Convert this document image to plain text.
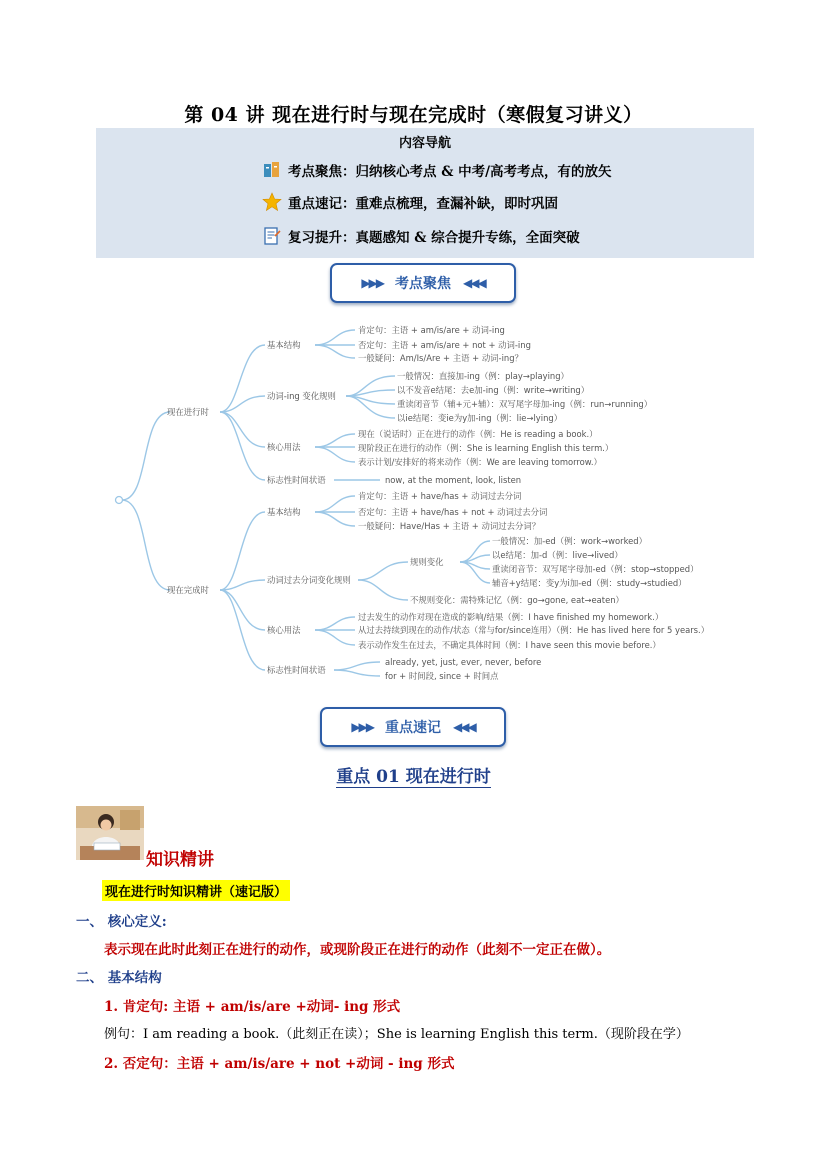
第 04 讲 现在进行时与现在完成时（寒假复习讲义）
内容导航
考点聚焦：归纳核心考点 & 中考/高考考点，有的放矢
重点速记：重难点梳理，查漏补缺，即时巩固
复习提升：真题感知 & 综合提升专练，全面突破
▶▶▶ 考点聚焦 ◀◀◀
现在进行时
现在完成时
基本结构
动词-ing 变化规则
核心用法
标志性时间状语
肯定句：主语 + am/is/are + 动词-ing
否定句：主语 + am/is/are + not + 动词-ing
一般疑问：Am/Is/Are + 主语 + 动词-ing？
一般情况：直接加-ing（例：play→playing）
以不发音e结尾：去e加-ing（例：write→writing）
重读闭音节（辅+元+辅）：双写尾字母加-ing（例：run→running）
以ie结尾：变ie为y加-ing（例：lie→lying）
现在（说话时）正在进行的动作（例：He is reading a book.）
现阶段正在进行的动作（例：She is learning English this term.）
表示计划/安排好的将来动作（例：We are leaving tomorrow.）
now, at the moment, look, listen
基本结构
动词过去分词变化规则
核心用法
标志性时间状语
肯定句：主语 + have/has + 动词过去分词
否定句：主语 + have/has + not + 动词过去分词
一般疑问：Have/Has + 主语 + 动词过去分词？
规则变化
一般情况：加-ed（例：work→worked）
以e结尾：加-d（例：live→lived）
重读闭音节：双写尾字母加-ed（例：stop→stopped）
辅音+y结尾：变y为i加-ed（例：study→studied）
不规则变化：需特殊记忆（例：go→gone, eat→eaten）
过去发生的动作对现在造成的影响/结果（例：I have finished my homework.）
从过去持续到现在的动作/状态（常与for/since连用）（例：He has lived here for 5 years.）
表示动作发生在过去，不确定具体时间（例：I have seen this movie before.）
already, yet, just, ever, never, before
for + 时间段, since + 时间点
▶▶▶ 重点速记 ◀◀◀
重点 01 现在进行时
知识精讲
现在进行时知识精讲（速记版）
一、 核心定义:
表示现在此时此刻正在进行的动作，或现阶段正在进行的动作（此刻不一定正在做）。
二、 基本结构
1. 肯定句: 主语 + am/is/are +动词- ing 形式
例句：I am reading a book.（此刻正在读）；She is learning English this term.（现阶段在学）
2. 否定句：主语 + am/is/are + not +动词 - ing 形式
